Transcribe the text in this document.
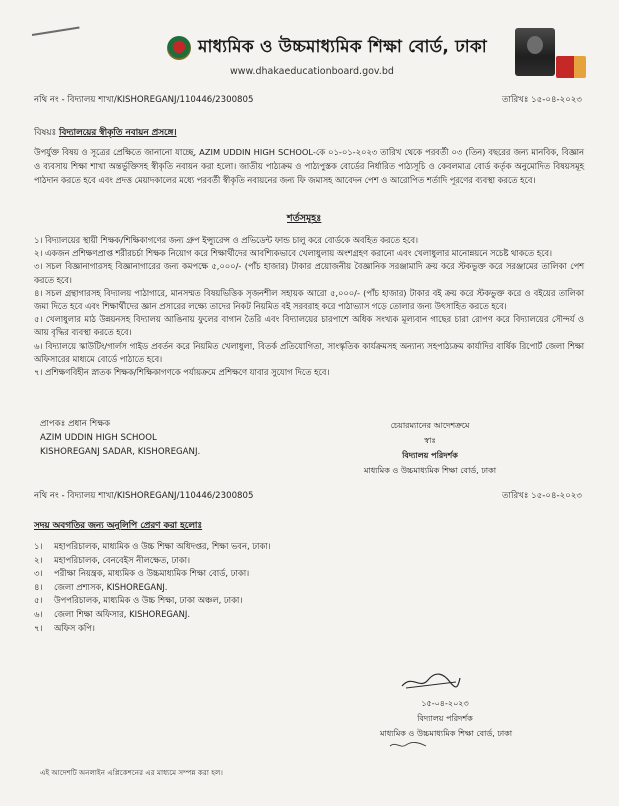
মাধ্যমিক ও উচ্চমাধ্যমিক শিক্ষা বোর্ড, ঢাকা
www.dhakaeducationboard.gov.bd
নথি নং - বিদ্যালয় শাখা/KISHOREGANJ/110446/2300805	তারিখঃ ১৫-০৪-২০২৩
বিষয়ঃ বিদ্যালয়ের স্বীকৃতি নবায়ন প্রসঙ্গে।
উপর্যুক্ত বিষয় ও সূত্রের প্রেক্ষিতে জানানো যাচ্ছে, AZIM UDDIN HIGH SCHOOL-কে ০১-০১-২০২৩ তারিখ থেকে পরবর্তী ০৩ (তিন) বছরের জন্য মানবিক, বিজ্ঞান ও ব্যবসায় শিক্ষা শাখা অন্তর্ভুক্তিসহ স্বীকৃতি নবায়ন করা হলো। জাতীয় পাঠ্যক্রম ও পাঠ্যপুস্তক বোর্ডের নির্ধারিত পাঠ্যসূচি ও কেবলমাত্র বোর্ড কর্তৃক অনুমোদিত বিষয়সমূহ পাঠদান করতে হবে এবং প্রদত্ত মেয়াদকালের মধ্যে পরবর্তী স্বীকৃতি নবায়নের জন্য ফি জমাসহ আবেদন পেশ ও আরোপিত শর্তাদি পূরণের ব্যবস্থা করতে হবে।
শর্তসমূহঃ
১। বিদ্যালয়ের স্থায়ী শিক্ষক/শিক্ষিকাগণের জন্য গ্রুপ ইন্স্যুরেন্স ও প্রভিডেন্ট ফান্ড চালু করে বোর্ডকে অবহিত করতে হবে।
২। একজন প্রশিক্ষণপ্রাপ্ত শরীরচর্চা শিক্ষক নিয়োগ করে শিক্ষার্থীদের আবশ্যিকভাবে খেলাধুলায় অংশগ্রহণ করানো এবং খেলাধুলার মানোন্নয়নে সচেষ্ট থাকতে হবে।
৩। সচল বিজ্ঞানাগারসহ বিজ্ঞানাগারের জন্য কমপক্ষে ৫,০০০/- (পাঁচ হাজার) টাকার প্রয়োজনীয় বৈজ্ঞানিক সরঞ্জামাদি ক্রয় করে স্টকভুক্ত করে সরঞ্জামের তালিকা পেশ করতে হবে।
৪। সচল গ্রন্থাগারসহ বিদ্যালয় পাঠাগারে, মানসম্মত বিষয়ভিত্তিক সৃজনশীল সহায়ক আরো ৫,০০০/- (পাঁচ হাজার) টাকার বই ক্রয় করে স্টকভুক্ত করে ও বইয়ের তালিকা জমা দিতে হবে এবং শিক্ষার্থীদের জ্ঞান প্রসারের লক্ষ্যে তাদের নিকট নিয়মিত বই সরবরাহ করে পাঠাভ্যাস গড়ে তোলার জন্য উৎসাহিত করতে হবে।
৫। খেলাধুলার মাঠ উন্নয়নসহ বিদ্যালয় আঙিনায় ফুলের বাগান তৈরি এবং বিদ্যালয়ের চারপাশে অধিক সংখ্যক মূল্যবান গাছের চারা রোপণ করে বিদ্যালয়ের সৌন্দর্য ও আয় বৃদ্ধির ব্যবস্থা করতে হবে।
৬। বিদ্যালয়ে স্কাউটিং/গার্লস গাইড প্রবর্তন করে নিয়মিত খেলাধুলা, বিতর্ক প্রতিযোগিতা, সাংস্কৃতিক কার্যক্রমসহ অন্যান্য সহপাঠ্যক্রম কার্যাদির বার্ষিক রিপোর্ট জেলা শিক্ষা অফিসারের মাধ্যমে বোর্ডে পাঠাতে হবে।
৭। প্রশিক্ষণবিহীন স্নাতক শিক্ষক/শিক্ষিকাগণকে পর্যায়ক্রমে প্রশিক্ষণে যাবার সুযোগ দিতে হবে।
প্রাপকঃ প্রধান শিক্ষক
AZIM UDDIN HIGH SCHOOL
KISHOREGANJ SADAR, KISHOREGANJ.
চেয়ারম্যানের আদেশক্রমে
স্বাঃ
বিদ্যালয় পরিদর্শক
মাধ্যমিক ও উচ্চমাধ্যমিক শিক্ষা বোর্ড, ঢাকা
নথি নং - বিদ্যালয় শাখা/KISHOREGANJ/110446/2300805	তারিখঃ ১৫-০৪-২০২৩
সদয় অবগতির জন্য অনুলিপি প্রেরণ করা হলোঃ
১। মহাপরিচালক, মাধ্যমিক ও উচ্চ শিক্ষা অধিদপ্তর, শিক্ষা ভবন, ঢাকা।
২। মহাপরিচালক, বেনবেইস নীলক্ষেত, ঢাকা।
৩। পরীক্ষা নিয়ন্ত্রক, মাধ্যমিক ও উচ্চমাধ্যমিক শিক্ষা বোর্ড, ঢাকা।
৪। জেলা প্রশাসক, KISHOREGANJ.
৫। উপপরিচালক, মাধ্যমিক ও উচ্চ শিক্ষা, ঢাকা অঞ্চল, ঢাকা।
৬। জেলা শিক্ষা অফিসার, KISHOREGANJ.
৭। অফিস কপি।
১৫-০৪-২০২৩
বিদ্যালয় পরিদর্শক
মাধ্যমিক ও উচ্চমাধ্যমিক শিক্ষা বোর্ড, ঢাকা
এই আদেশটি অনলাইন এপ্লিকেশনের এর মাধ্যমে সম্পন্ন করা হল।
